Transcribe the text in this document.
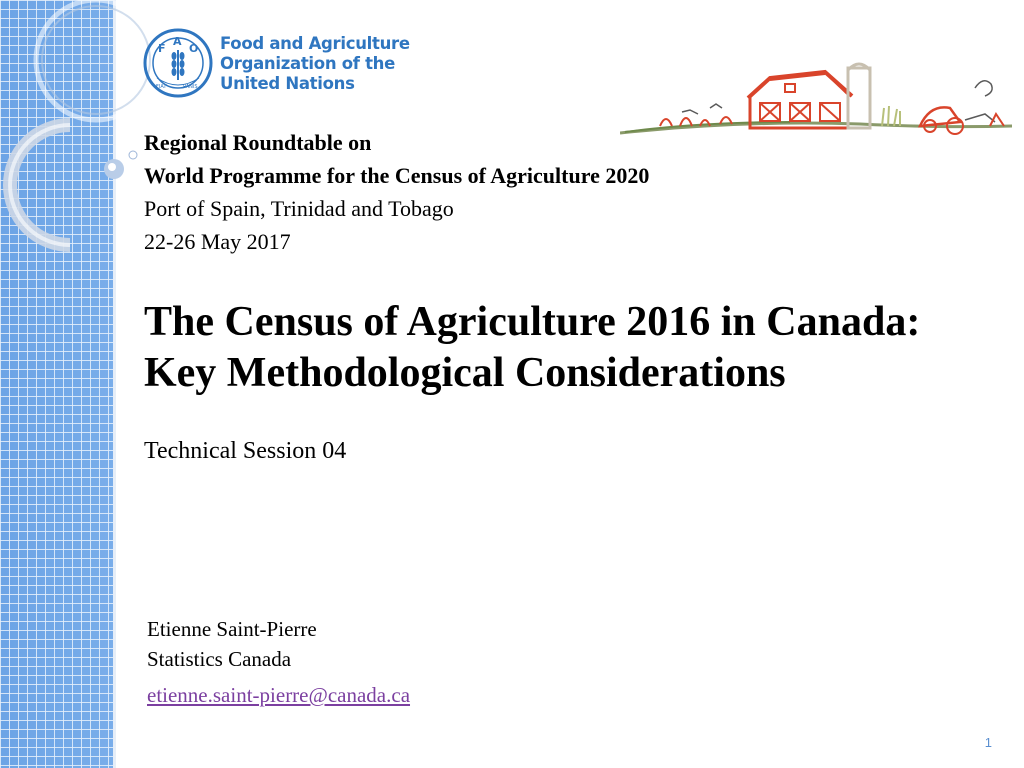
F
A
O
FIAT	PANIS
Food and Agriculture
Organization of the
United Nations
Regional Roundtable on
World Programme for the Census of Agriculture 2020
Port of Spain, Trinidad and Tobago
22-26 May 2017
The Census of Agriculture 2016 in Canada:
Key Methodological Considerations
Technical Session 04
Etienne Saint-Pierre
Statistics Canada
etienne.saint-pierre@canada.ca
1
